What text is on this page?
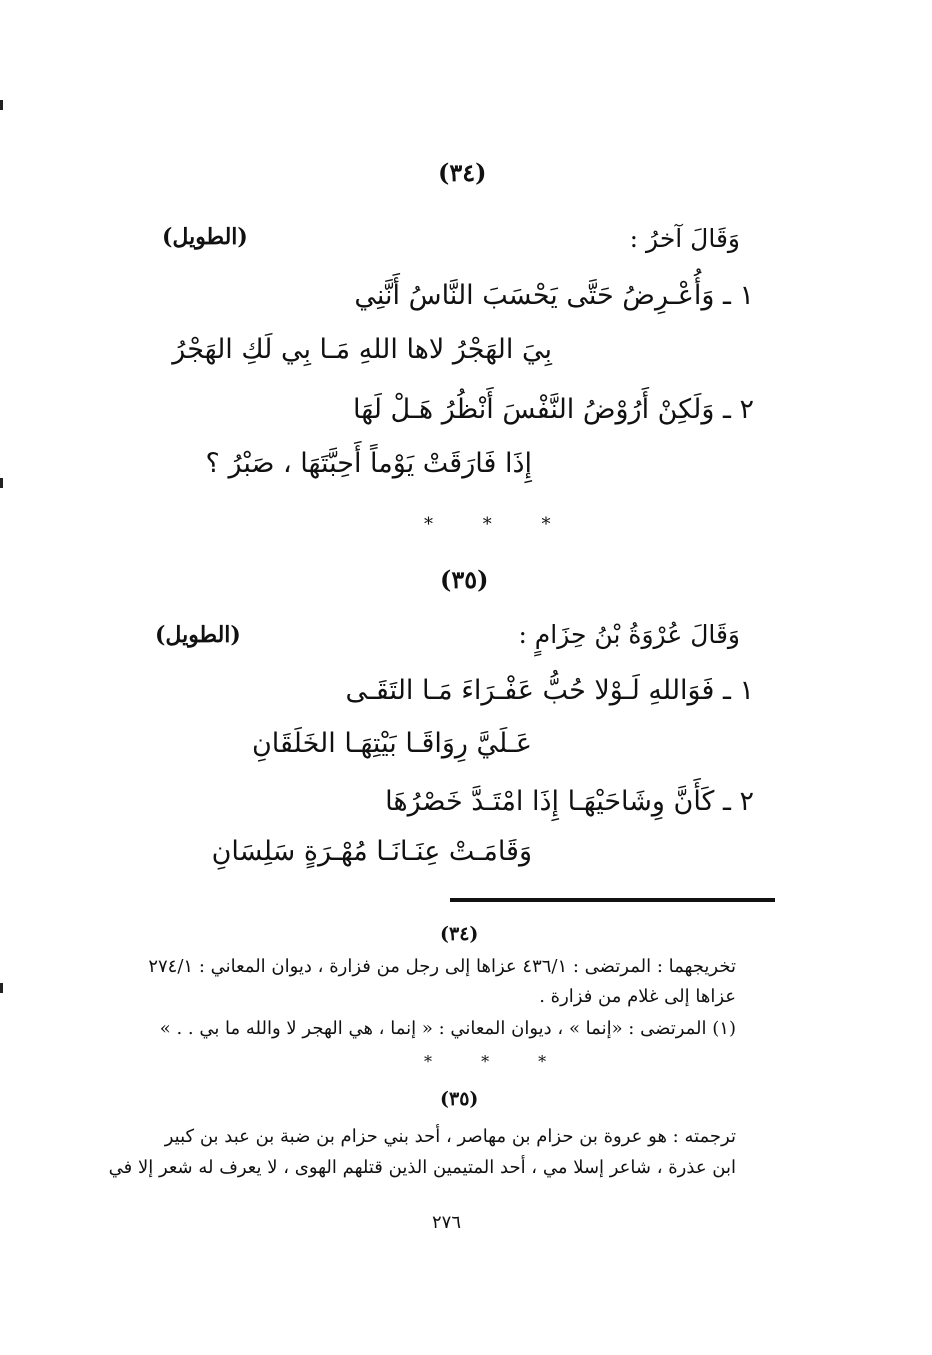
(٣٤)
وَقَالَ آخرُ :
(الطويل)
١ ـ وَأُعْـرِضُ حَتَّى يَحْسَبَ النَّاسُ أَنَّنِي
بِيَ الهَجْرُ لاها اللهِ مَـا بِي لَكِ الهَجْرُ
٢ ـ وَلَكِنْ أَرُوْضُ النَّفْسَ أَنْظُرُ هَـلْ لَهَا
إِذَا فَارَقَتْ يَوْماً أَحِبَّتَهَا ، صَبْرُ ؟
* * *
(٣٥)
وَقَالَ عُرْوَةُ بْنُ حِزَامٍ :
(الطويل)
١ ـ فَوَاللهِ لَـوْلا حُبُّ عَفْـرَاءَ مَـا التَقَـى
عَـلَيَّ رِوَاقَـا بَيْتِهَـا الخَلَقَانِ
٢ ـ كَأَنَّ وِشَاحَيْهَـا إِذَا امْتَـدَّ خَصْرُهَا
وَقَامَـتْ عِنَـانَـا مُهْـرَةٍ سَلِسَانِ
(٣٤)
تخريجهما : المرتضى : ٤٣٦/١ عزاها إلى رجل من فزارة ، ديوان المعاني : ٢٧٤/١
عزاها إلى غلام من فزارة .
(١) المرتضى : «إنما » ، ديوان المعاني : « إنما ، هي الهجر لا والله ما بي . . »
* * *
(٣٥)
ترجمته : هو عروة بن حزام بن مهاصر ، أحد بني حزام بن ضبة بن عبد بن كبير
ابن عذرة ، شاعر إسلا مي ، أحد المتيمين الذين قتلهم الهوى ، لا يعرف له شعر إلا في
٢٧٦
